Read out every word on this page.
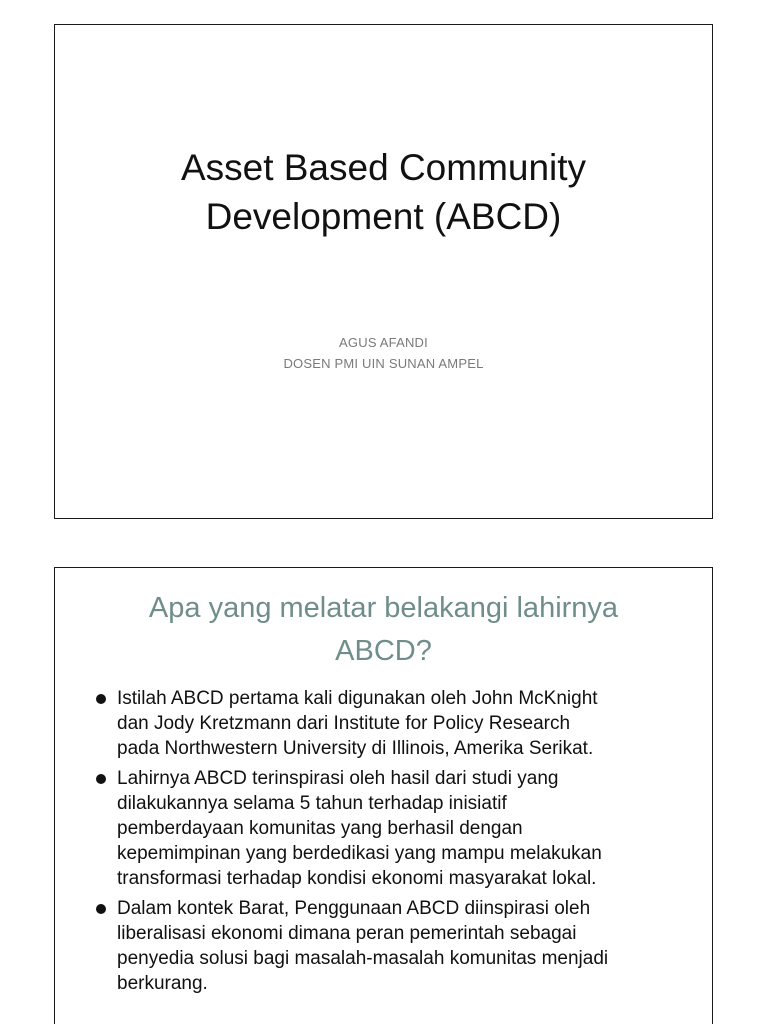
Asset Based Community
Development (ABCD)
AGUS AFANDI
DOSEN PMI UIN SUNAN AMPEL
Apa yang melatar belakangi lahirnya
ABCD?
Istilah ABCD pertama kali digunakan oleh John McKnight
dan Jody Kretzmann dari Institute for Policy Research
pada Northwestern University di Illinois, Amerika Serikat.
Lahirnya ABCD terinspirasi oleh hasil dari studi yang
dilakukannya selama 5 tahun terhadap inisiatif
pemberdayaan komunitas yang berhasil dengan
kepemimpinan yang berdedikasi yang mampu melakukan
transformasi terhadap kondisi ekonomi masyarakat lokal.
Dalam kontek Barat, Penggunaan ABCD diinspirasi oleh
liberalisasi ekonomi dimana peran pemerintah sebagai
penyedia solusi bagi masalah-masalah komunitas menjadi
berkurang.
